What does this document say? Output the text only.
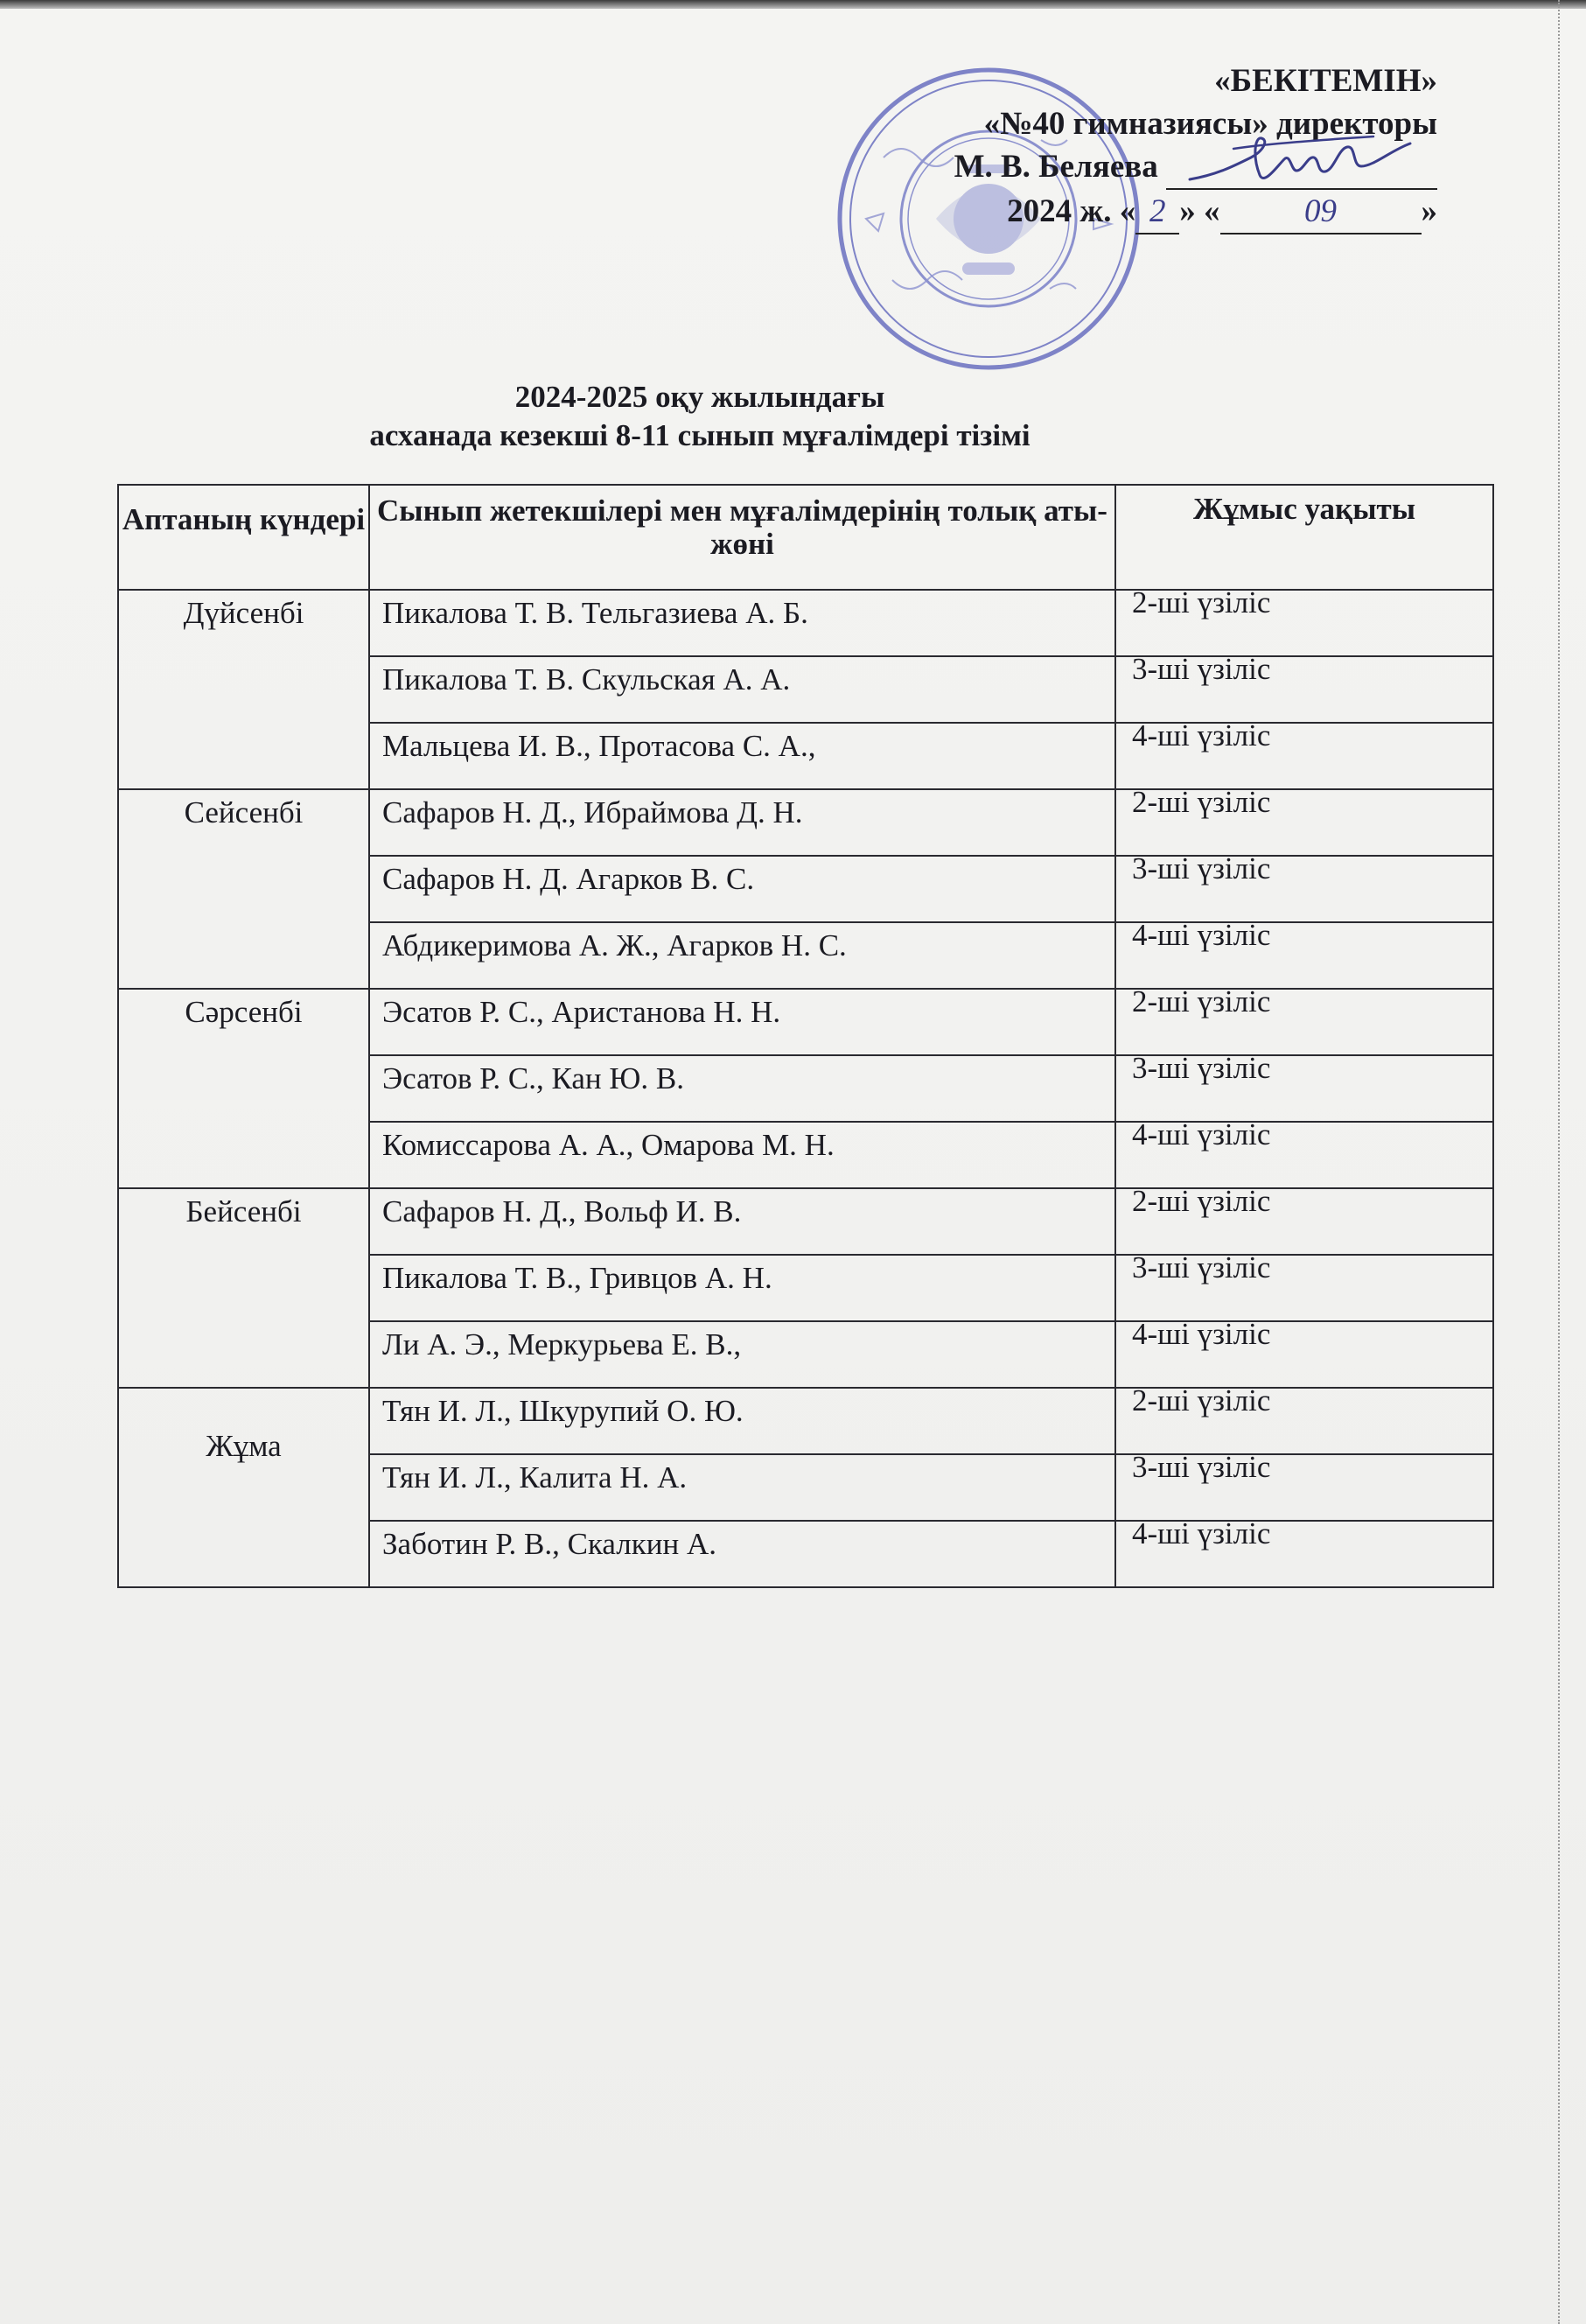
«БЕКІТЕМІН»
«№40 гимназиясы» директоры
М. В. Беляева
2024 ж. « 2 » «	09	»
2024-2025 оқу жылындағы
асханада кезекші 8-11 сынып мұғалімдері тізімі
Аптаның күндері	Сынып жетекшілері мен мұғалімдерінің толық аты-жөні	Жұмыс уақыты
Дүйсенбі	Пикалова Т. В. Тельгазиева А. Б.	2-ші үзіліс
	Пикалова Т. В. Скульская А. А.	3-ші үзіліс
	Мальцева И. В., Протасова С. А.,	4-ші үзіліс
Сейсенбі	Сафаров Н. Д., Ибраймова Д. Н.	2-ші үзіліс
	Сафаров Н. Д. Агарков В. С.	3-ші үзіліс
	Абдикеримова А. Ж., Агарков Н. С.	4-ші үзіліс
Сәрсенбі	Эсатов Р. С., Аристанова Н. Н.	2-ші үзіліс
	Эсатов Р. С., Кан Ю. В.	3-ші үзіліс
	Комиссарова А. А., Омарова М. Н.	4-ші үзіліс
Бейсенбі	Сафаров Н. Д., Вольф И. В.	2-ші үзіліс
	Пикалова Т. В., Гривцов А. Н.	3-ші үзіліс
	Ли А. Э., Меркурьева Е. В.,	4-ші үзіліс

Жұма	Тян И. Л., Шкурупий О. Ю.	2-ші үзіліс
	Тян И. Л., Калита Н. А.	3-ші үзіліс
	Заботин Р. В., Скалкин А.	4-ші үзіліс
